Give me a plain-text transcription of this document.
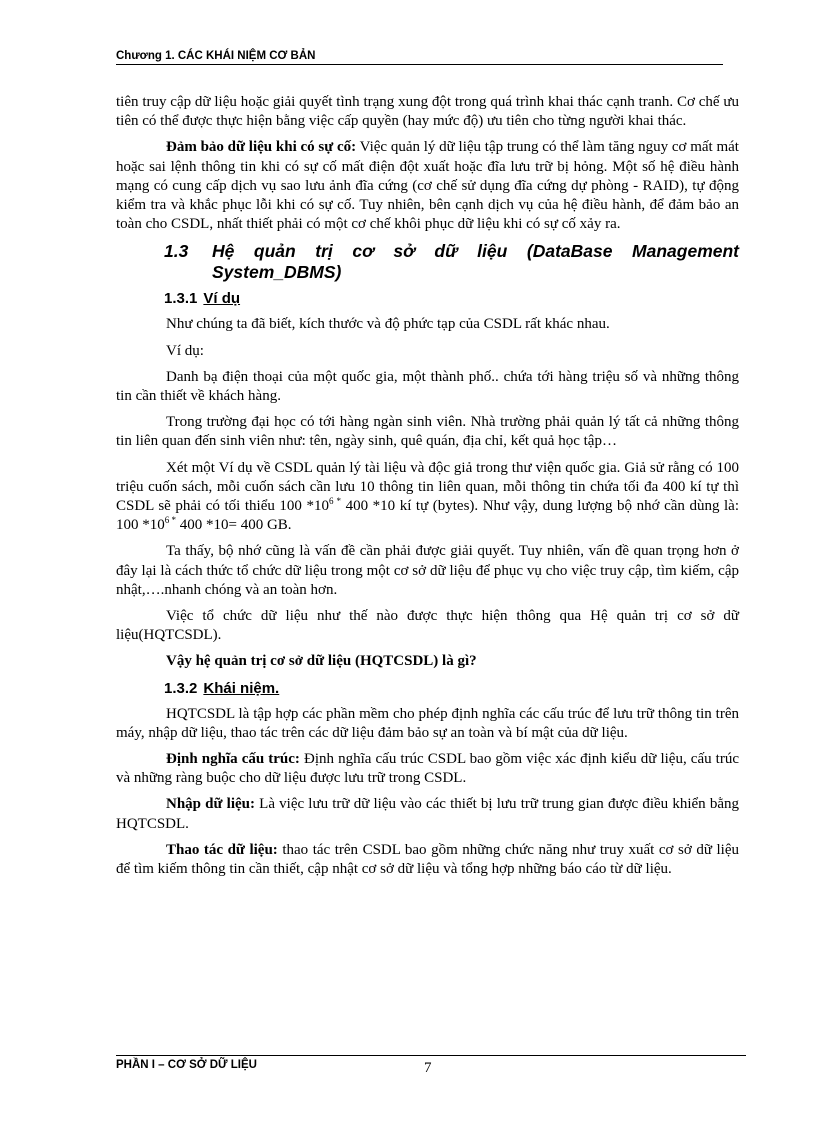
Chương 1. CÁC KHÁI NIỆM CƠ BẢN

tiên truy cập dữ liệu hoặc giải quyết tình trạng xung đột trong quá trình khai thác cạnh tranh. Cơ chế ưu tiên có thể được thực hiện bằng việc cấp quyền (hay mức độ) ưu tiên cho từng người khai thác.

Đảm bảo dữ liệu khi có sự cố: Việc quản lý dữ liệu tập trung có thể làm tăng nguy cơ mất mát hoặc sai lệnh thông tin khi có sự cố mất điện đột xuất hoặc đĩa lưu trữ bị hỏng. Một số hệ điều hành mạng có cung cấp dịch vụ sao lưu ảnh đĩa cứng (cơ chế sử dụng đĩa cứng dự phòng - RAID), tự động kiểm tra và khắc phục lỗi khi có sự cố. Tuy nhiên, bên cạnh dịch vụ của hệ điều hành, để đảm bảo an toàn cho CSDL, nhất thiết phải có một cơ chế khôi phục dữ liệu khi có sự cố xảy ra.

1.3	Hệ quản trị cơ sở dữ liệu (DataBase Management System_DBMS)
1.3.1 Ví dụ

Như chúng ta đã biết, kích thước và độ phức tạp của CSDL rất khác nhau.

Ví dụ:

Danh bạ điện thoại của một quốc gia, một thành phố.. chứa tới hàng triệu số và những thông tin cần thiết về khách hàng.

Trong trường đại học có tới hàng ngàn sinh viên. Nhà trường phải quản lý tất cả những thông tin liên quan đến sinh viên như: tên, ngày sinh, quê quán, địa chỉ, kết quả học tập…

Xét một Ví dụ về CSDL quản lý tài liệu và độc giả trong thư viện quốc gia. Giả sử rằng có 100 triệu cuốn sách, mỗi cuốn sách cần lưu 10 thông tin liên quan, mỗi thông tin chứa tối đa 400 kí tự thì CSDL sẽ phải có tối thiểu 100 $*10^{6 *}$ 400 *10 kí tự (bytes). Như vậy, dung lượng bộ nhớ cần dùng là: 100 $*10^{6 *}$ 400 *10= 400 GB.

Ta thấy, bộ nhớ cũng là vấn đề cần phải được giải quyết. Tuy nhiên, vấn đề quan trọng hơn ở đây lại là cách thức tổ chức dữ liệu trong một cơ sở dữ liệu để phục vụ cho việc truy cập, tìm kiếm, cập nhật,….nhanh chóng và an toàn hơn.

Việc tổ chức dữ liệu như thế nào được thực hiện thông qua Hệ quản trị cơ sở dữ liệu(HQTCSDL).

Vậy hệ quản trị cơ sở dữ liệu (HQTCSDL) là gì?

1.3.2 Khái niệm.

HQTCSDL là tập hợp các phần mềm cho phép định nghĩa các cấu trúc để lưu trữ thông tin trên máy, nhập dữ liệu, thao tác trên các dữ liệu đảm bảo sự an toàn và bí mật của dữ liệu.

Định nghĩa cấu trúc: Định nghĩa cấu trúc CSDL bao gồm việc xác định kiểu dữ liệu, cấu trúc và những ràng buộc cho dữ liệu được lưu trữ trong CSDL.

Nhập dữ liệu: Là việc lưu trữ dữ liệu vào các thiết bị lưu trữ trung gian được điều khiển bằng HQTCSDL.

Thao tác dữ liệu: thao tác trên CSDL bao gồm những chức năng như truy xuất cơ sở dữ liệu để tìm kiếm thông tin cần thiết, cập nhật cơ sở dữ liệu và tổng hợp những báo cáo từ dữ liệu.

PHẦN I – CƠ SỞ DỮ LIỆU	7
